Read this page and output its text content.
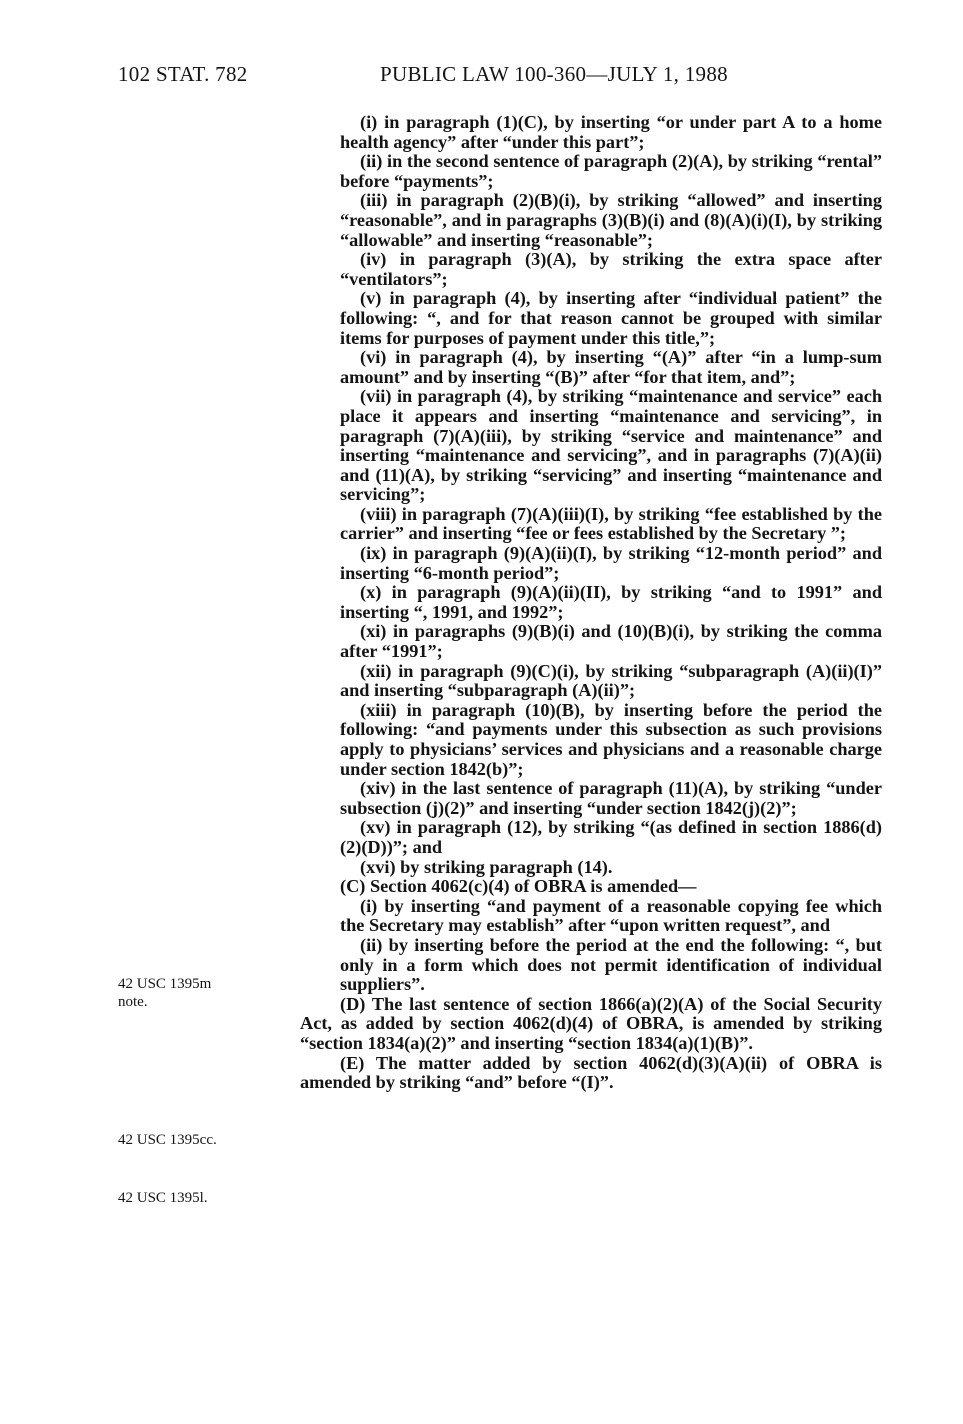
102 STAT. 782	PUBLIC LAW 100-360—JULY 1, 1988
42 USC 1395m
note.
42 USC 1395cc.
42 USC 1395l.

(i) in paragraph (1)(C), by inserting “or under part A to a home health agency” after “under this part”;

(ii) in the second sentence of paragraph (2)(A), by striking “rental” before “payments”;

(iii) in paragraph (2)(B)(i), by striking “allowed” and inserting “reasonable”, and in paragraphs (3)(B)(i) and (8)(A)(i)(I), by striking “allowable” and inserting “reasonable”;

(iv) in paragraph (3)(A), by striking the extra space after “ventilators”;

(v) in paragraph (4), by inserting after “individual patient” the following: “, and for that reason cannot be grouped with similar items for purposes of payment under this title,”;

(vi) in paragraph (4), by inserting “(A)” after “in a lump-sum amount” and by inserting “(B)” after “for that item, and”;

(vii) in paragraph (4), by striking “maintenance and service” each place it appears and inserting “maintenance and servicing”, in paragraph (7)(A)(iii), by striking “service and maintenance” and inserting “maintenance and servicing”, and in paragraphs (7)(A)(ii) and (11)(A), by striking “servicing” and inserting “maintenance and servicing”;

(viii) in paragraph (7)(A)(iii)(I), by striking “fee established by the carrier” and inserting “fee or fees established by the Secretary ”;

(ix) in paragraph (9)(A)(ii)(I), by striking “12-month period” and inserting “6-month period”;

(x) in paragraph (9)(A)(ii)(II), by striking “and to 1991” and inserting “, 1991, and 1992”;

(xi) in paragraphs (9)(B)(i) and (10)(B)(i), by striking the comma after “1991”;

(xii) in paragraph (9)(C)(i), by striking “subparagraph (A)(ii)(I)” and inserting “subparagraph (A)(ii)”;

(xiii) in paragraph (10)(B), by inserting before the period the following: “and payments under this subsection as such provisions apply to physicians’ services and physicians and a reasonable charge under section 1842(b)”;

(xiv) in the last sentence of paragraph (11)(A), by striking “under subsection (j)(2)” and inserting “under section 1842(j)(2)”;

(xv) in paragraph (12), by striking “(as defined in section 1886(d)(2)(D))”; and

(xvi) by striking paragraph (14).

(C) Section 4062(c)(4) of OBRA is amended—

(i) by inserting “and payment of a reasonable copying fee which the Secretary may establish” after “upon written request”, and

(ii) by inserting before the period at the end the following: “, but only in a form which does not permit identification of individual suppliers”.

(D) The last sentence of section 1866(a)(2)(A) of the Social Security Act, as added by section 4062(d)(4) of OBRA, is amended by striking “section 1834(a)(2)” and inserting “section 1834(a)(1)(B)”.

(E) The matter added by section 4062(d)(3)(A)(ii) of OBRA is amended by striking “and” before “(I)”.
